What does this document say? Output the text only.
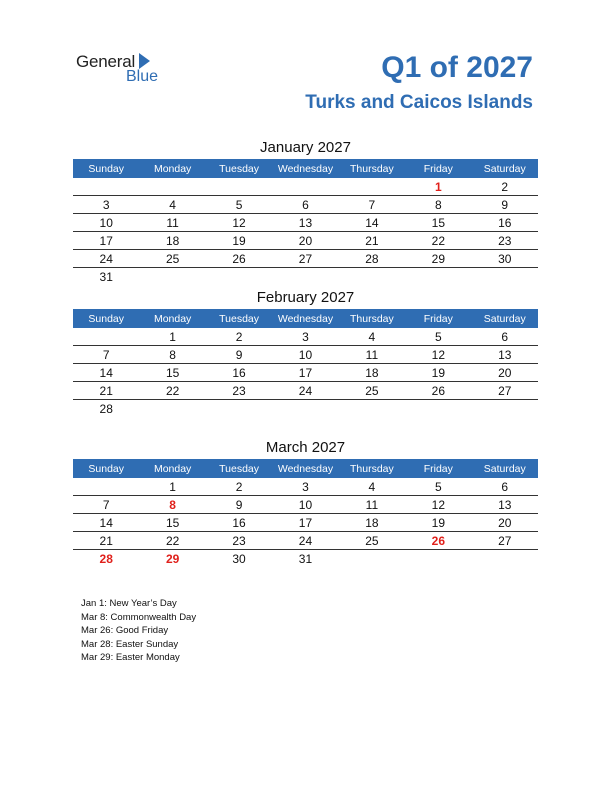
General
Blue	Q1 of 2027
Turks and Caicos Islands
January 2027
Sunday	Monday	Tuesday	Wednesday	Thursday	Friday	Saturday
					1	2
3	4	5	6	7	8	9
10	11	12	13	14	15	16
17	18	19	20	21	22	23
24	25	26	27	28	29	30
31						
February 2027
Sunday	Monday	Tuesday	Wednesday	Thursday	Friday	Saturday
	1	2	3	4	5	6
7	8	9	10	11	12	13
14	15	16	17	18	19	20
21	22	23	24	25	26	27
28						
March 2027
Sunday	Monday	Tuesday	Wednesday	Thursday	Friday	Saturday
	1	2	3	4	5	6
7	8	9	10	11	12	13
14	15	16	17	18	19	20
21	22	23	24	25	26	27
28	29	30	31			
Jan 1: New Year’s Day
Mar 8: Commonwealth Day
Mar 26: Good Friday
Mar 28: Easter Sunday
Mar 29: Easter Monday
